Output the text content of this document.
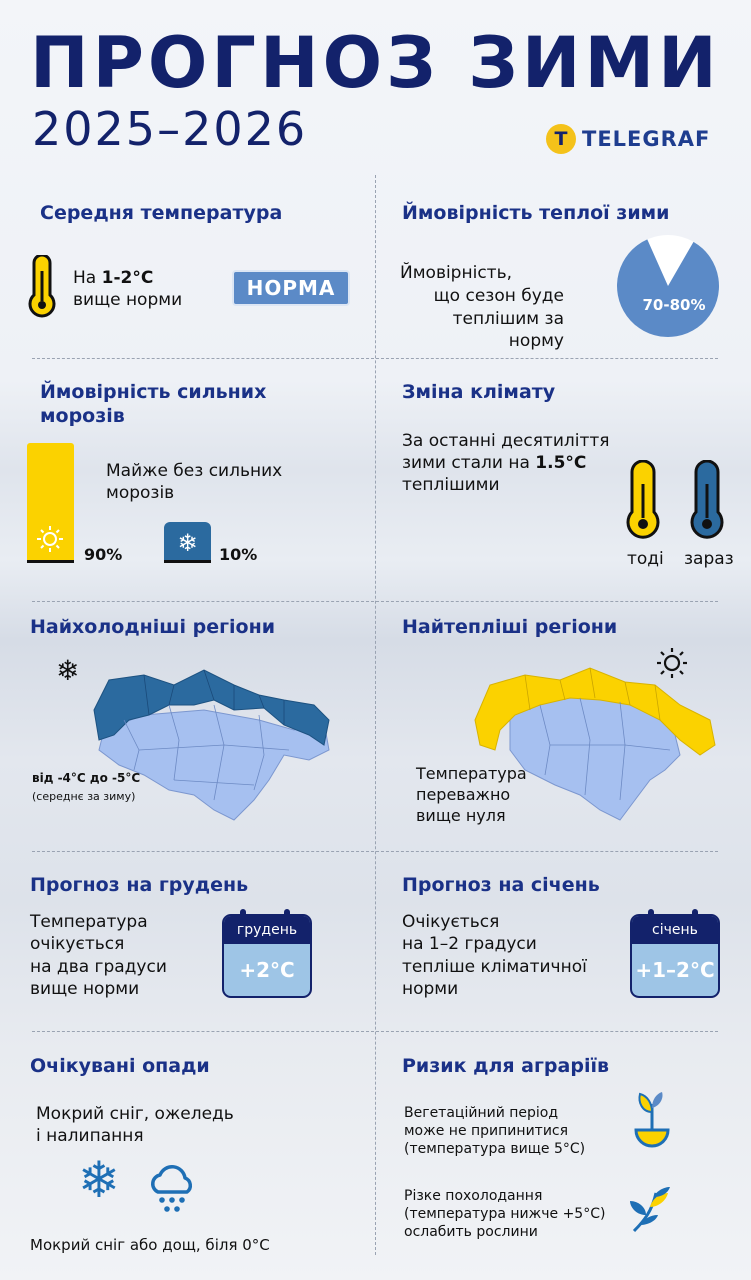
ПРОГНОЗ ЗИМИ
2025–2026	T TELEGRAF
Середня температура
На 1-2°C
вище норми
НОРМА
Ймовірність теплої зими
Ймовірність,
що сезон буде
теплішим за норму
70-80%
Ймовірність сильних
морозів
❄
90%	10%
Майже без сильних
морозів
Зміна клімату
За останні десятиліття
зими стали на 1.5°C
теплішими
тоді зараз
Найхолодніші регіони
❄
від -4°C до -5°C
(середнє за зиму)
Найтепліші регіони
Температура
переважно
вище нуля
Прогноз на грудень
Температура
очікується
на два градуси
вище норми
грудень
+2°C
Прогноз на січень
Очікується
на 1–2 градуси
тепліше кліматичної
норми
січень
+1–2°C
Очікувані опади
Мокрий сніг, ожеледь
і налипання
❄
Мокрий сніг або дощ, біля 0°C
Ризик для аграріїв
Вегетаційний період
може не припинитися
(температура вище 5°C)
Різке похолодання
(температура нижче +5°C)
ослабить рослини
